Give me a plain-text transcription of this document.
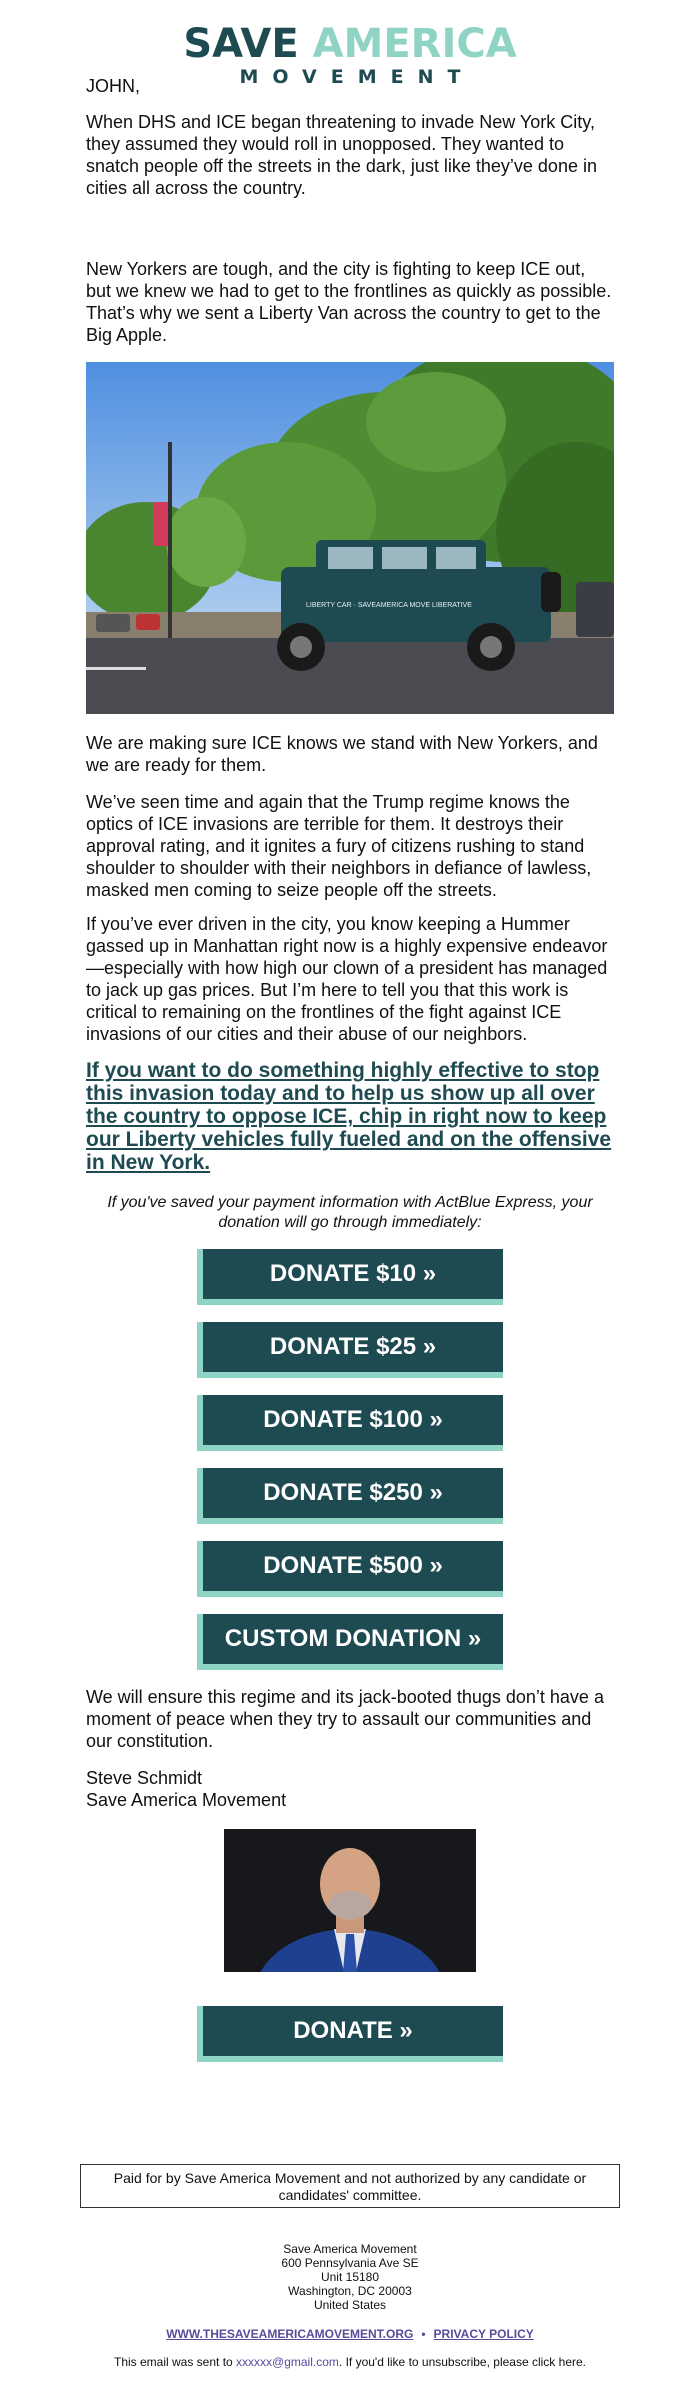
SAVE AMERICA
MOVEMENT

JOHN,

When DHS and ICE began threatening to invade New York City, they assumed they would roll in unopposed. They wanted to snatch people off the streets in the dark, just like they’ve done in cities all across the country.

New Yorkers are tough, and the city is fighting to keep ICE out, but we knew we had to get to the frontlines as quickly as possible. That’s why we sent a Liberty Van across the country to get to the Big Apple.

LIBERTY CAR · SAVEAMERICA MOVE LIBERATIVE

We are making sure ICE knows we stand with New Yorkers, and we are ready for them.

We’ve seen time and again that the Trump regime knows the optics of ICE invasions are terrible for them. It destroys their approval rating, and it ignites a fury of citizens rushing to stand shoulder to shoulder with their neighbors in defiance of lawless, masked men coming to seize people off the streets.

If you’ve ever driven in the city, you know keeping a Hummer gassed up in Manhattan right now is a highly expensive endeavor—especially with how high our clown of a president has managed to jack up gas prices. But I’m here to tell you that this work is critical to remaining on the frontlines of the fight against ICE invasions of our cities and their abuse of our neighbors.

If you want to do something highly effective to stop this invasion today and to help us show up all over the country to oppose ICE, chip in right now to keep our Liberty vehicles fully fueled and on the offensive in New York.
If you've saved your payment information with ActBlue Express, your donation will go through immediately:
DONATE $10 »
DONATE $25 »
DONATE $100 »
DONATE $250 »
DONATE $500 »
CUSTOM DONATION »

We will ensure this regime and its jack-booted thugs don’t have a moment of peace when they try to assault our communities and our constitution.

Steve Schmidt

Save America Movement

DONATE »
Paid for by Save America Movement and not authorized by any candidate or candidates' committee.
Save America Movement
600 Pennsylvania Ave SE
Unit 15180
Washington, DC 20003
United States
WWW.THESAVEAMERICAMOVEMENT.ORG • PRIVACY POLICY
This email was sent to xxxxxx@gmail.com. If you'd like to unsubscribe, please click here.
